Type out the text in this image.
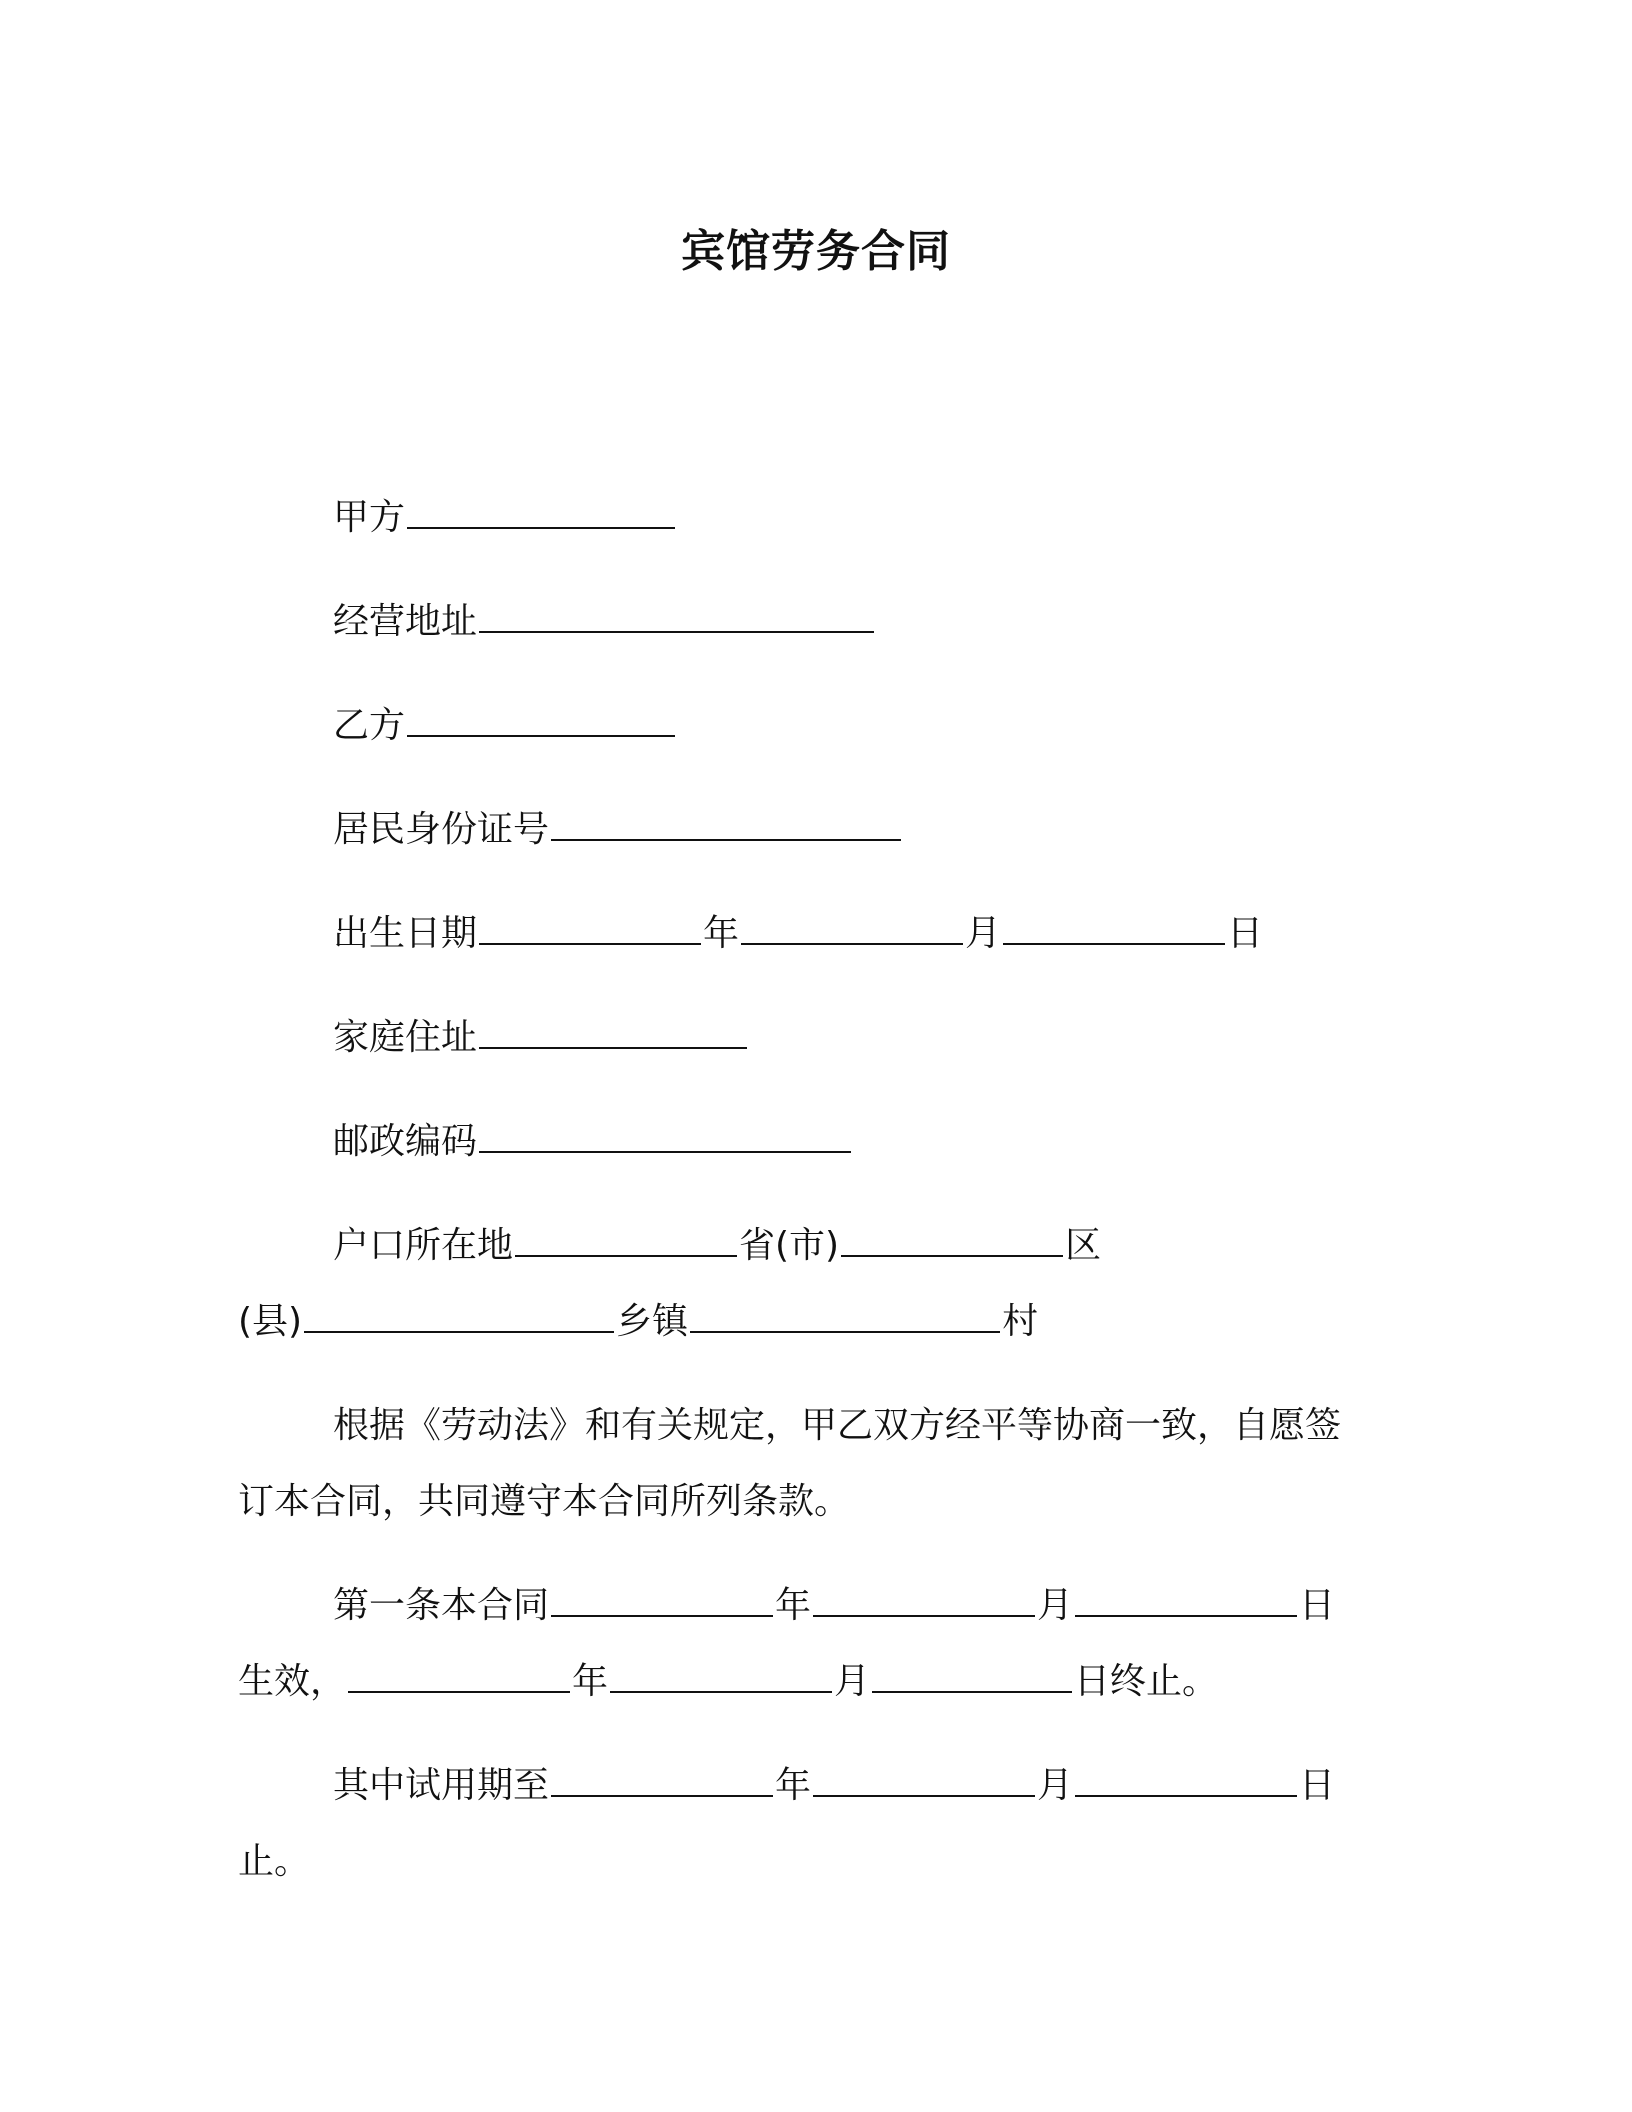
宾馆劳务合同
甲方
经营地址
乙方
居民身份证号
出生日期	年	月	日
家庭住址
邮政编码
户口所在地	省(市)	区
(县)	乡镇	村
根据《劳动法》和有关规定，甲乙双方经平等协商一致，自愿签
订本合同，共同遵守本合同所列条款。
第一条本合同	年	月	日
生效，	年	月	日终止。
其中试用期至	年	月	日
止。
